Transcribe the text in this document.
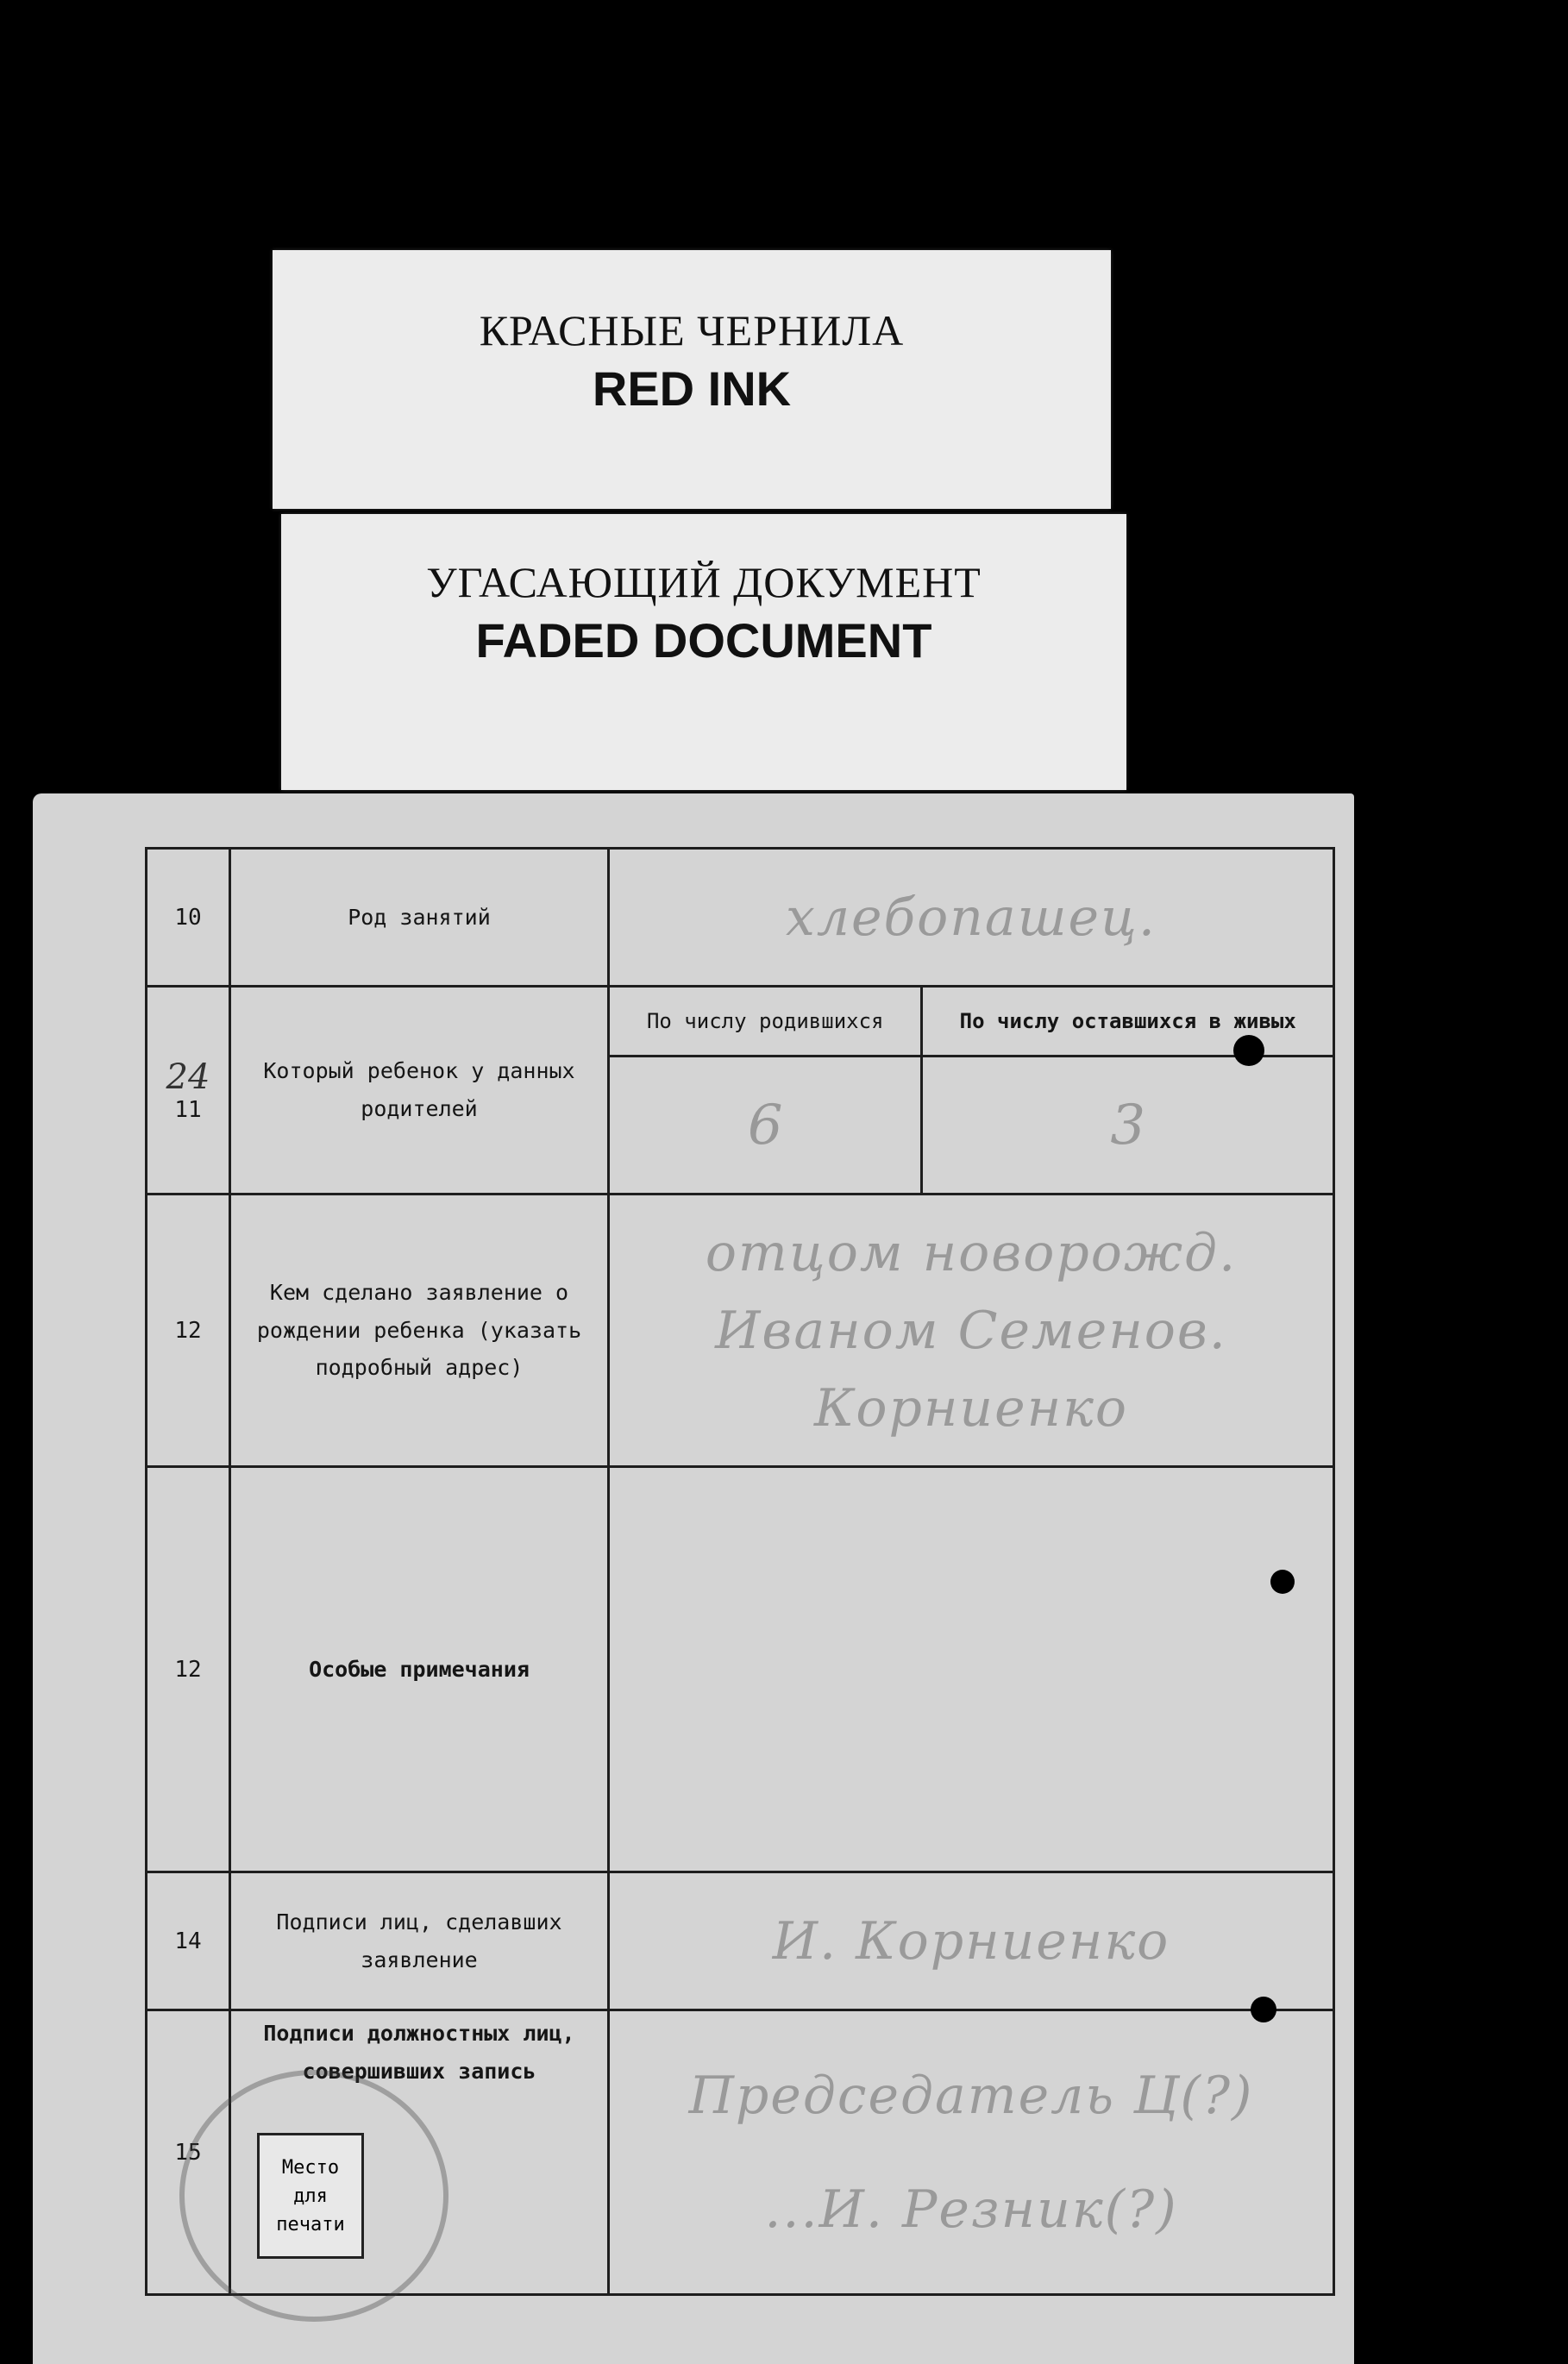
КРАСНЫЕ ЧЕРНИЛА
RED INK
УГАСАЮЩИЙ ДОКУМЕНТ
FADED DOCUMENT
10	Род занятий	хлебопашец.	

24
11	Который ребенок у данных родителей	По числу родившихся	По числу оставшихся в живых
		6	3
12	Кем сделано заявление о рождении ребенка (указать подробный адрес)	отцом новорожд. Иваном Семенов. Корниенко	
12	Особые примечания		
14	Подписи лиц, сделавших заявление	И. Корниенко	
15	Подписи должностных лиц, совершивших запись	Председатель Ц(?)
...И. Резник(?)	
Место
для
печати
